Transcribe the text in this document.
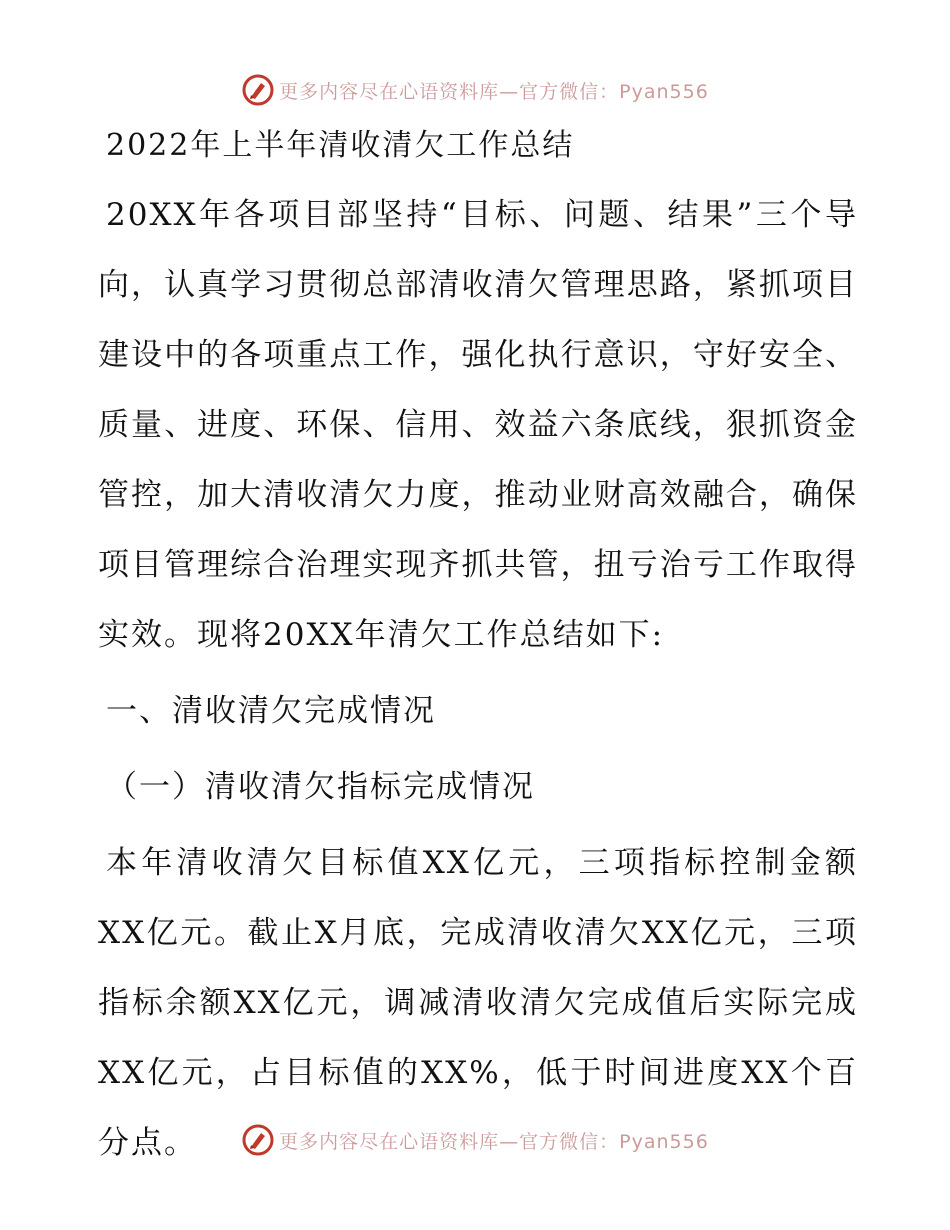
更多内容尽在心语资料库—官方微信：Pyan556
2022年上半年清收清欠工作总结

20XX年各项目部坚持“目标、问题、结果”三个导向，认真学习贯彻总部清收清欠管理思路，紧抓项目建设中的各项重点工作，强化执行意识，守好安全、质量、进度、环保、信用、效益六条底线，狠抓资金管控，加大清收清欠力度，推动业财高效融合，确保项目管理综合治理实现齐抓共管，扭亏治亏工作取得实效。现将20XX年清欠工作总结如下:

一、清收清欠完成情况
（一）清收清欠指标完成情况

本年清收清欠目标值XX亿元，三项指标控制金额XX亿元。截止X月底，完成清收清欠XX亿元，三项指标余额XX亿元，调减清收清欠完成值后实际完成XX亿元，占目标值的XX%，低于时间进度XX个百分点。	更多内容尽在心语资料库—官方微信：Pyan556
